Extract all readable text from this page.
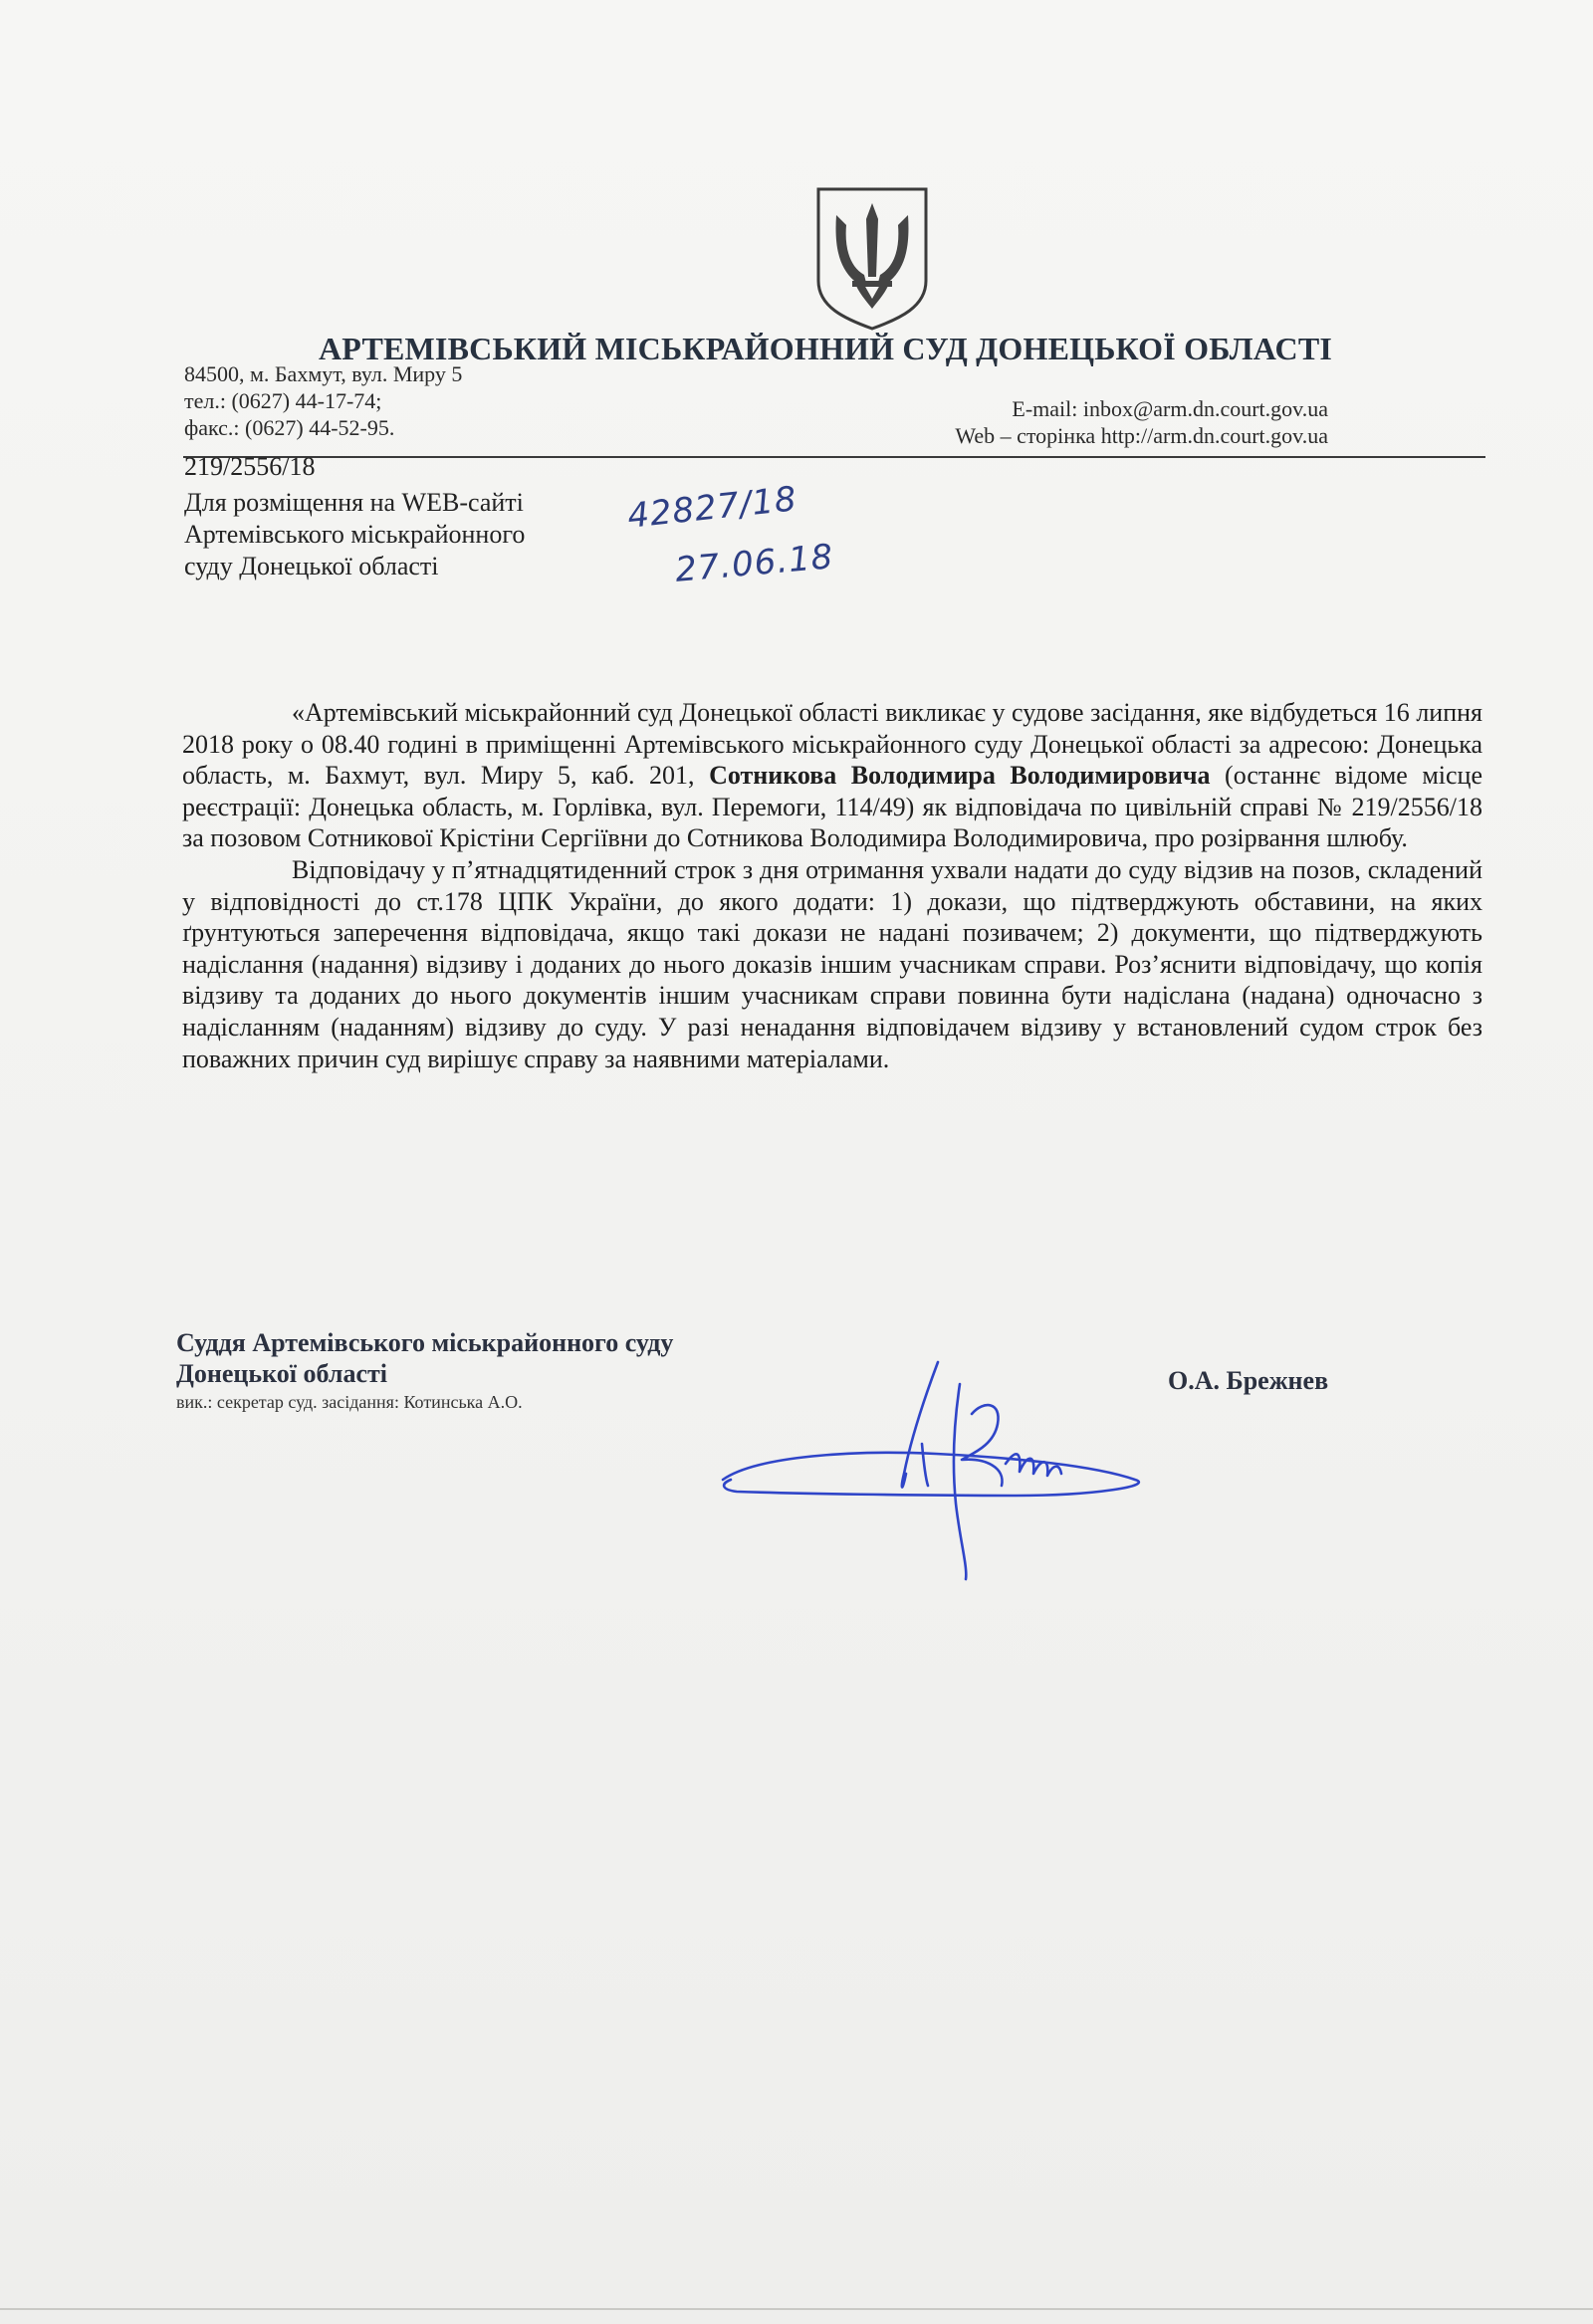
АРТЕМІВСЬКИЙ МІСЬКРАЙОННИЙ СУД ДОНЕЦЬКОЇ ОБЛАСТІ
84500, м. Бахмут, вул. Миру 5
тел.: (0627) 44-17-74;
факс.: (0627) 44-52-95.
E-mail: inbox@arm.dn.court.gov.ua
Web – сторінка http://arm.dn.court.gov.ua
219/2556/18
Для розміщення на WEB-сайті
Артемівського міськрайонного
суду Донецької області
42827/18
27.06.18

«Артемівський міськрайонний суд Донецької області викликає у судове засідання, яке відбудеться 16 липня 2018 року о 08.40 годині в приміщенні Артемівського міськрайонного суду Донецької області за адресою: Донецька область, м. Бахмут, вул. Миру 5, каб. 201, Сотникова Володимира Володимировича (останнє відоме місце реєстрації: Донецька область, м. Горлівка, вул. Перемоги, 114/49) як відповідача по цивільній справі № 219/2556/18 за позовом Сотникової Крістіни Сергіївни до Сотникова Володимира Володимировича, про розірвання шлюбу.

Відповідачу у п’ятнадцятиденний строк з дня отримання ухвали надати до суду відзив на позов, складений у відповідності до ст.178 ЦПК України, до якого додати: 1) докази, що підтверджують обставини, на яких ґрунтуються заперечення відповідача, якщо такі докази не надані позивачем; 2) документи, що підтверджують надіслання (надання) відзиву і доданих до нього доказів іншим учасникам справи. Роз’яснити відповідачу, що копія відзиву та доданих до нього документів іншим учасникам справи повинна бути надіслана (надана) одночасно з надісланням (наданням) відзиву до суду. У разі ненадання відповідачем відзиву у встановлений судом строк без поважних причин суд вирішує справу за наявними матеріалами.

Суддя Артемівського міськрайонного суду
Донецької області
вик.: секретар суд. засідання: Котинська А.О.
О.А. Брежнев
